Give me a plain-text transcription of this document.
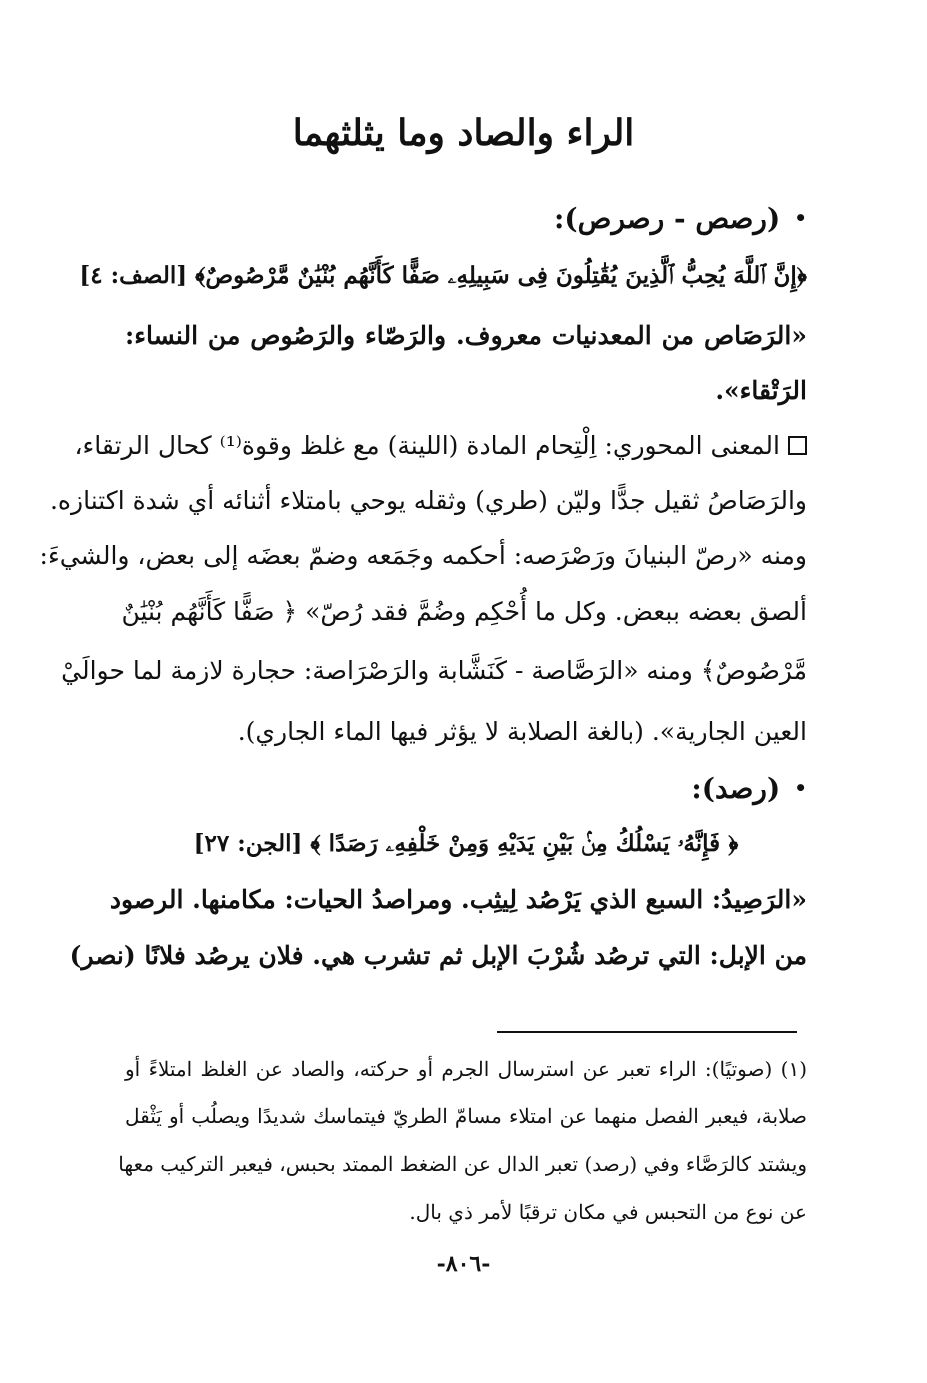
الراء والصاد وما يثلثهما
•(رصص - رصرص):
﴿إِنَّ ٱللَّهَ يُحِبُّ ٱلَّذِينَ يُقَٰتِلُونَ فِى سَبِيلِهِۦ صَفًّا كَأَنَّهُم بُنْيَٰنٌ مَّرْصُوصٌ﴾ [الصف: ٤]
«الرَصَاص من المعدنيات معروف. والرَصّاء والرَصُوص من النساء:
الرَتْقاء».
المعنى المحوري: اِلْتِحام المادة (اللينة) مع غلظ وقوة⁽¹⁾ كحال الرتقاء،
والرَصَاصُ ثقيل جدًّا وليّن (طري) وثقله يوحي بامتلاء أثنائه أي شدة اكتنازه.
ومنه «رصّ البنيانَ ورَصْرَصه: أحكمه وجَمَعه وضمّ بعضَه إلى بعض، والشيءَ:
ألصق بعضه ببعض. وكل ما أُحْكِم وضُمَّ فقد رُصّ» ﴿ صَفًّا كَأَنَّهُم بُنْيَٰنٌ
مَّرْصُوصٌ﴾ ومنه «الرَصَّاصة - كَنَشَّابة والرَصْرَاصة: حجارة لازمة لما حوالَيْ
العين الجارية». (بالغة الصلابة لا يؤثر فيها الماء الجاري).
•(رصد):
﴿ فَإِنَّهُۥ يَسْلُكُ مِنۢ بَيْنِ يَدَيْهِ وَمِنْ خَلْفِهِۦ رَصَدًا ﴾ [الجن: ٢٧]
«الرَصِيدُ: السبع الذي يَرْصُد لِيثِب. ومراصدُ الحيات: مكامنها. الرصود
من الإبل: التي ترصُد شُرْبَ الإبل ثم تشرب هي. فلان يرصُد فلانًا (نصر)
(١) (صوتيًا): الراء تعبر عن استرسال الجرم أو حركته، والصاد عن الغلظ امتلاءً أو
صلابة، فيعبر الفصل منهما عن امتلاء مسامّ الطريّ فيتماسك شديدًا ويصلُب أو يَثْقل
ويشتد كالرَصَّاء وفي (رصد) تعبر الدال عن الضغط الممتد بحبس، فيعبر التركيب معها
عن نوع من التحبس في مكان ترقبًا لأمر ذي بال.
-٨٠٦-
